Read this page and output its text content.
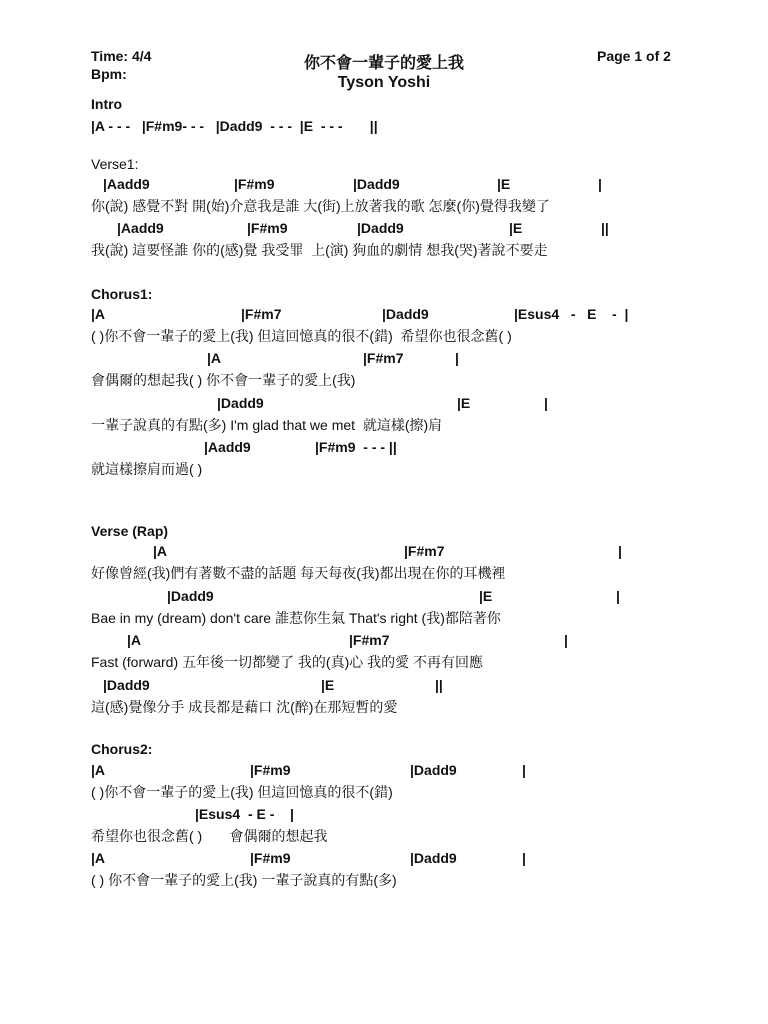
Time: 4/4
Bpm:
你不會一輩子的愛上我
Tyson Yoshi
Page 1 of 2
Intro
|A - - -   |F#m9- - -   |Dadd9  - - -  |E  - - -       ||
Verse1:
|Aadd9	|F#m9	|Dadd9	|E	|
你(說) 感覺不對 開(始)介意我是誰 大(街)上放著我的歌 怎麼(你)覺得我變了
|Aadd9	|F#m9	|Dadd9	|E	||
我(說) 這要怪誰 你的(感)覺 我受罪  上(演) 狗血的劇情 想我(哭)著說不要走
Chorus1:
|A	|F#m7	|Dadd9	|Esus4   -   E    -  |
( )你不會一輩子的愛上(我) 但這回憶真的很不(錯)  希望你也很念舊( )
|A	|F#m7	|
會偶爾的想起我( ) 你不會一輩子的愛上(我)
|Dadd9	|E	|
一輩子說真的有點(多) I'm glad that we met  就這樣(擦)肩
|Aadd9	|F#m9  - - - ||
就這樣擦肩而過( )
Verse (Rap)
|A	|F#m7	|
好像曾經(我)們有著數不盡的話題 每天每夜(我)都出現在你的耳機裡
|Dadd9	|E	|
Bae in my (dream) don't care 誰惹你生氣 That's right (我)都陪著你
|A	|F#m7	|
Fast (forward) 五年後一切都變了 我的(真)心 我的愛 不再有回應
|Dadd9	|E	||
這(感)覺像分手 成長都是藉口 沈(醉)在那短暫的愛
Chorus2:
|A	|F#m9	|Dadd9	|
( )你不會一輩子的愛上(我) 但這回憶真的很不(錯)
|Esus4  - E -    |
希望你也很念舊( )       會偶爾的想起我
|A	|F#m9	|Dadd9	|
( ) 你不會一輩子的愛上(我) 一輩子說真的有點(多)
